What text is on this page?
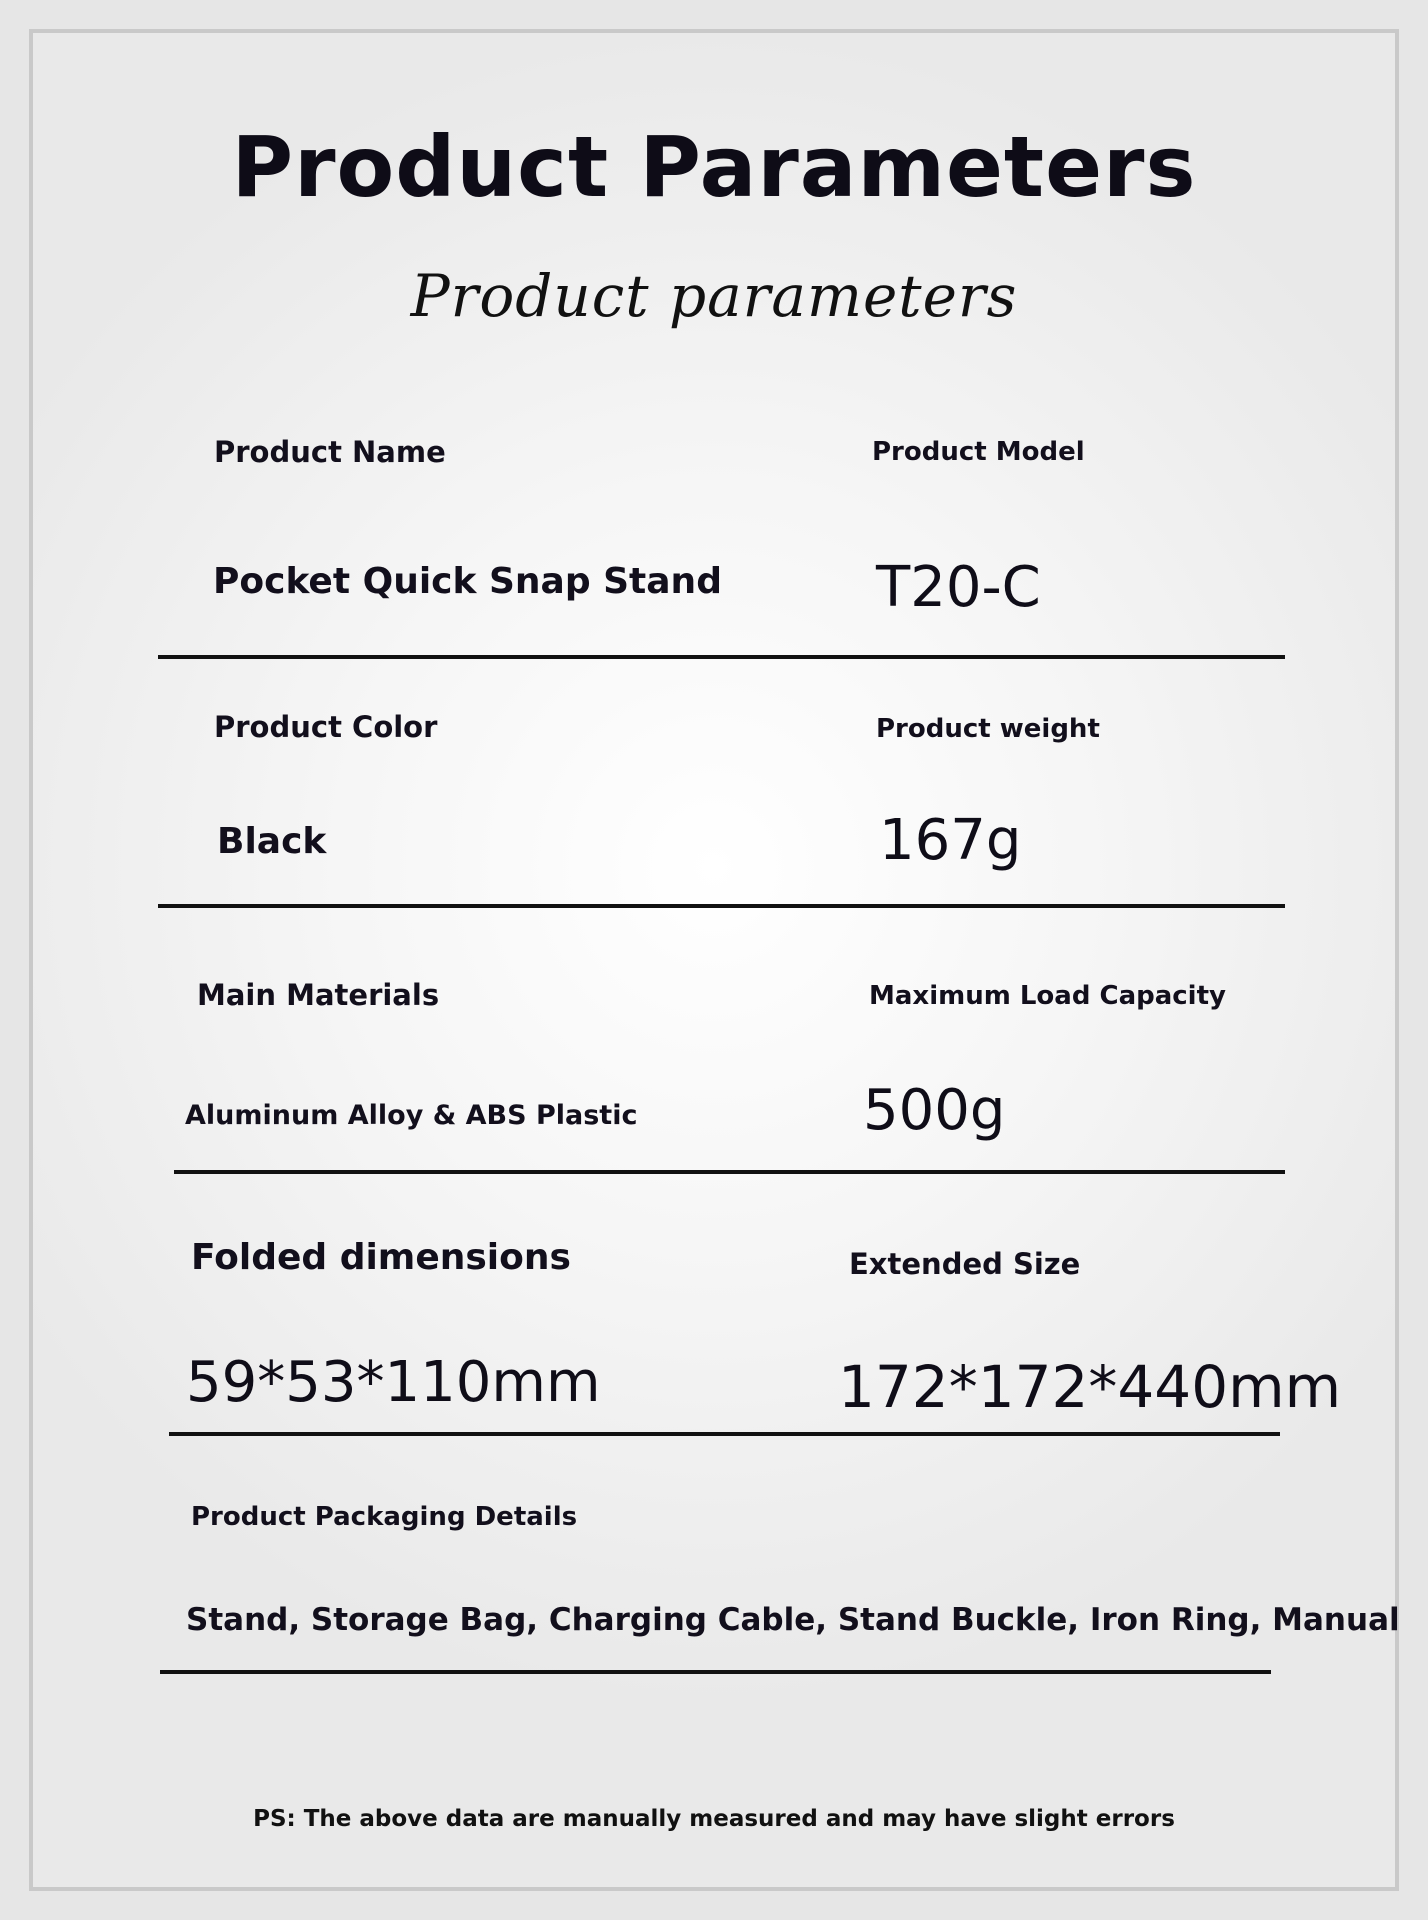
Product Parameters
Product parameters
Product Name	Product Model
Pocket Quick Snap Stand	T20-C
Product Color	Product weight
Black	167g
Main Materials	Maximum Load Capacity
Aluminum Alloy & ABS Plastic	500g
Folded dimensions	Extended Size
59*53*110mm	172*172*440mm
Product Packaging Details
Stand, Storage Bag, Charging Cable, Stand Buckle, Iron Ring, Manual
PS: The above data are manually measured and may have slight errors
